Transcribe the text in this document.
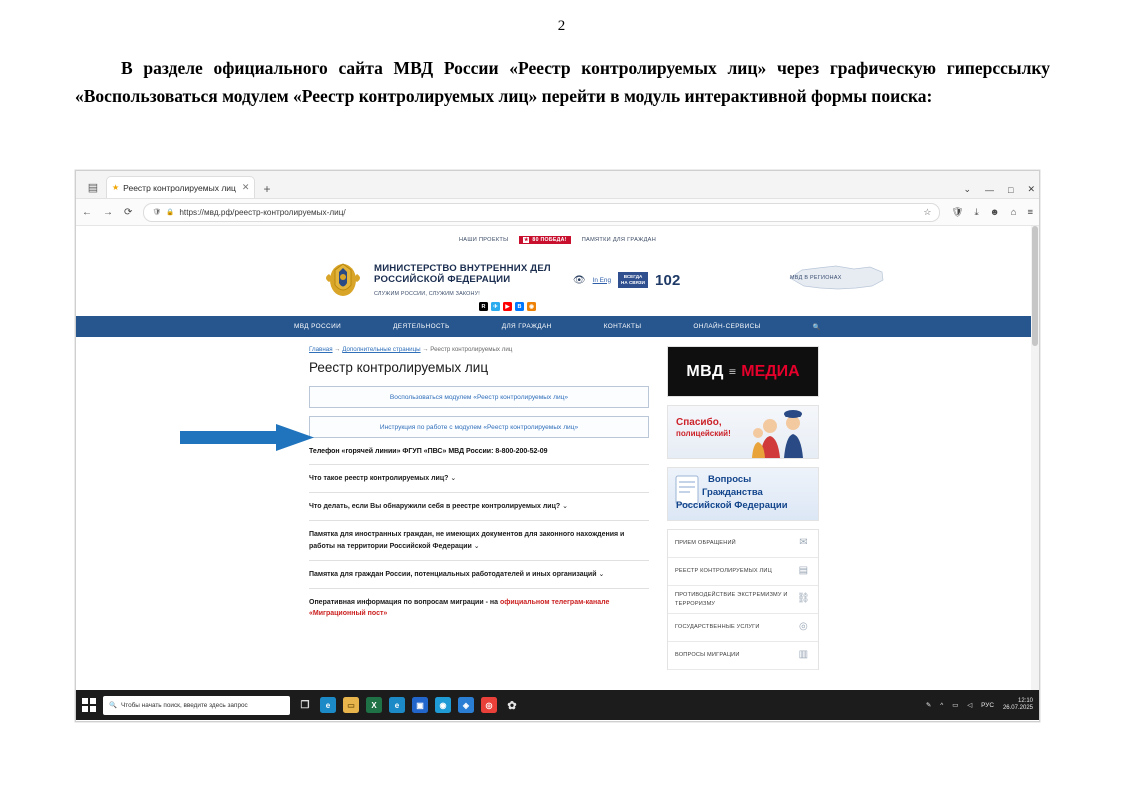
2
В разделе официального сайта МВД России «Реестр контролируемых лиц» через графическую гиперссылку «Воспользоваться модулем «Реестр контролируемых лиц» перейти в модуль интерактивной формы поиска:
▤	★ Реестр контролируемых лиц ✕ +	⌄ — □ ✕
← → ⟳	🛡 🔒 https://мвд.рф/реестр-контролируемых-лиц/	☆ 🛡 ⤓ ☻ ⌂ ≡
НАШИ ПРОЕКТЫ	★ 80 ПОБЕДА!	ПАМЯТКИ ДЛЯ ГРАЖДАН
МИНИСТЕРСТВО ВНУТРЕННИХ ДЕЛ
РОССИЙСКОЙ ФЕДЕРАЦИИ
СЛУЖИМ РОССИИ, СЛУЖИМ ЗАКОНУ!
👁 In Eng	ВСЕГДА
НА СВЯЗИ 102
R	✈	▶	B	◉
МВД В РЕГИОНАХ
МВД РОССИИ	ДЕЯТЕЛЬНОСТЬ	ДЛЯ ГРАЖДАН	КОНТАКТЫ	ОНЛАЙН-СЕРВИСЫ	🔍
Главная → Дополнительные страницы → Реестр контролируемых лиц
Реестр контролируемых лиц
Воспользоваться модулем «Реестр контролируемых лиц»
Инструкция по работе с модулем «Реестр контролируемых лиц»
Телефон «горячей линии» ФГУП «ПВС» МВД России: 8-800-200-52-09
Что такое реестр контролируемых лиц? ⌄
Что делать, если Вы обнаружили себя в реестре контролируемых лиц? ⌄
Памятка для иностранных граждан, не имеющих документов для законного нахождения и работы на территории Российской Федерации ⌄
Памятка для граждан России, потенциальных работодателей и иных организаций ⌄
Оперативная информация по вопросам миграции - на официальном телеграм-канале «Миграционный пост»
МВД ≡ МЕДИА
Спасибо,
полицейский!
Вопросы
Гражданства
Российской Федерации
ПРИЕМ ОБРАЩЕНИЙ	✉
РЕЕСТР КОНТРОЛИРУЕМЫХ ЛИЦ	▤
ПРОТИВОДЕЙСТВИЕ ЭКСТРЕМИЗМУ И ТЕРРОРИЗМУ	⛓
ГОСУДАРСТВЕННЫЕ УСЛУГИ	◎
ВОПРОСЫ МИГРАЦИИ	▥
🔍 Чтобы начать поиск, введите здесь запрос	❐	e	▭	X	e	▣	◉	◈	◎	✿	✎ ^ ▭ ◁ РУС
12:10
26.07.2025
